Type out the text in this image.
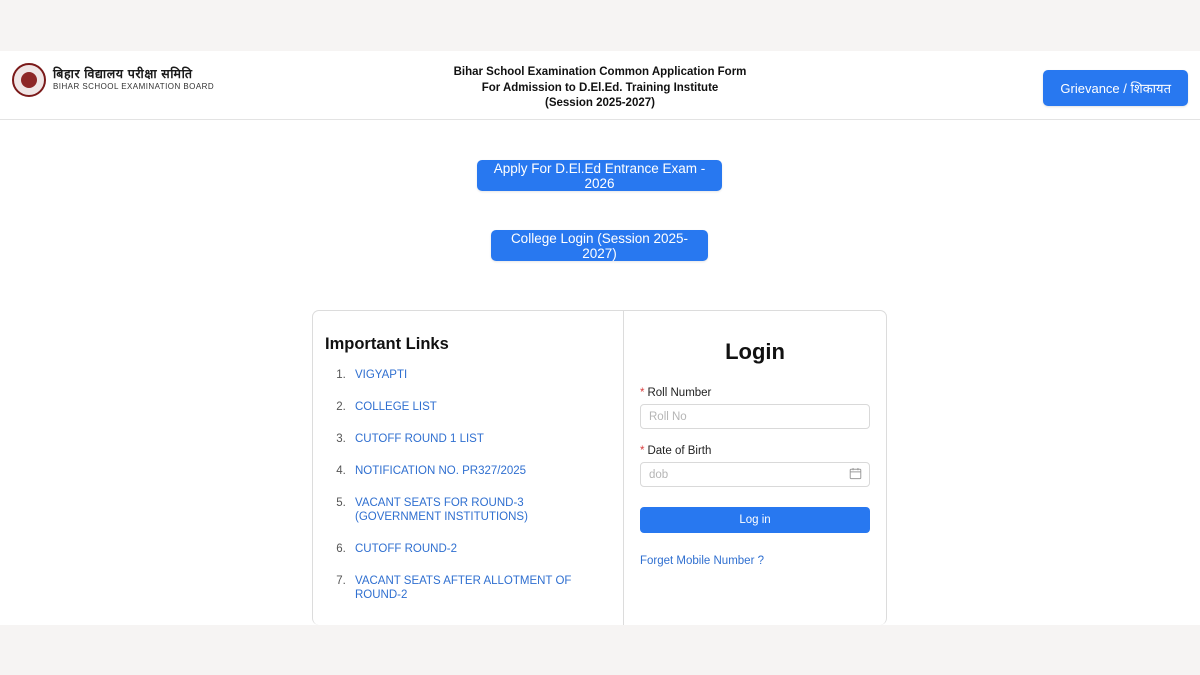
बिहार विद्यालय परीक्षा समिति
BIHAR SCHOOL EXAMINATION BOARD
Bihar School Examination Common Application Form
For Admission to D.El.Ed. Training Institute
(Session 2025-2027)
Grievance / शिकायत
Apply For D.El.Ed Entrance Exam - 2026
College Login (Session 2025-2027)
Important Links
1. VIGYAPTI
2. COLLEGE LIST
3. CUTOFF ROUND 1 LIST
4. NOTIFICATION NO. PR327/2025
5. VACANT SEATS FOR ROUND-3 (GOVERNMENT INSTITUTIONS)
6. CUTOFF ROUND-2
7. VACANT SEATS AFTER ALLOTMENT OF ROUND-2
Login
* Roll Number
Roll No
* Date of Birth
dob
Log in Forget Mobile Number ?
